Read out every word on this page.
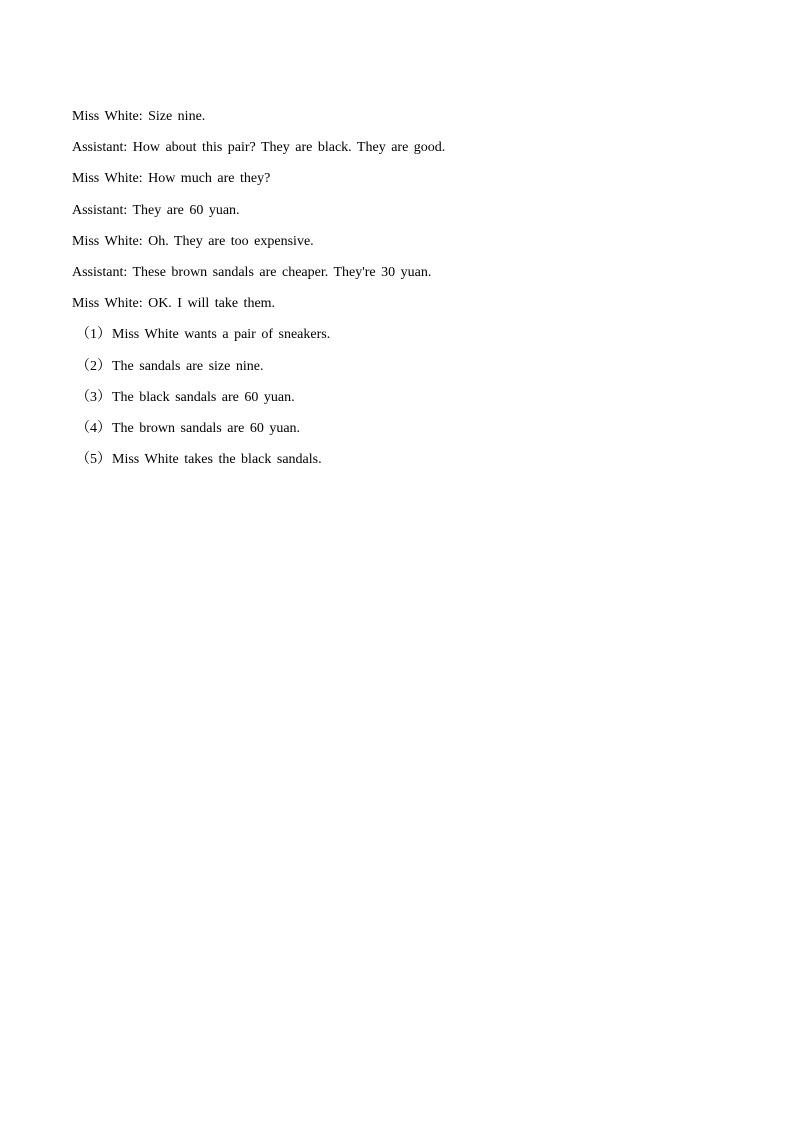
Miss White: Size nine.
Assistant: How about this pair? They are black. They are good.
Miss White: How much are they?
Assistant: They are 60 yuan.
Miss White: Oh. They are too expensive.
Assistant: These brown sandals are cheaper. They're 30 yuan.
Miss White: OK. I will take them.
（1）Miss White wants a pair of sneakers.
（2）The sandals are size nine.
（3）The black sandals are 60 yuan.
（4）The brown sandals are 60 yuan.
（5）Miss White takes the black sandals.
